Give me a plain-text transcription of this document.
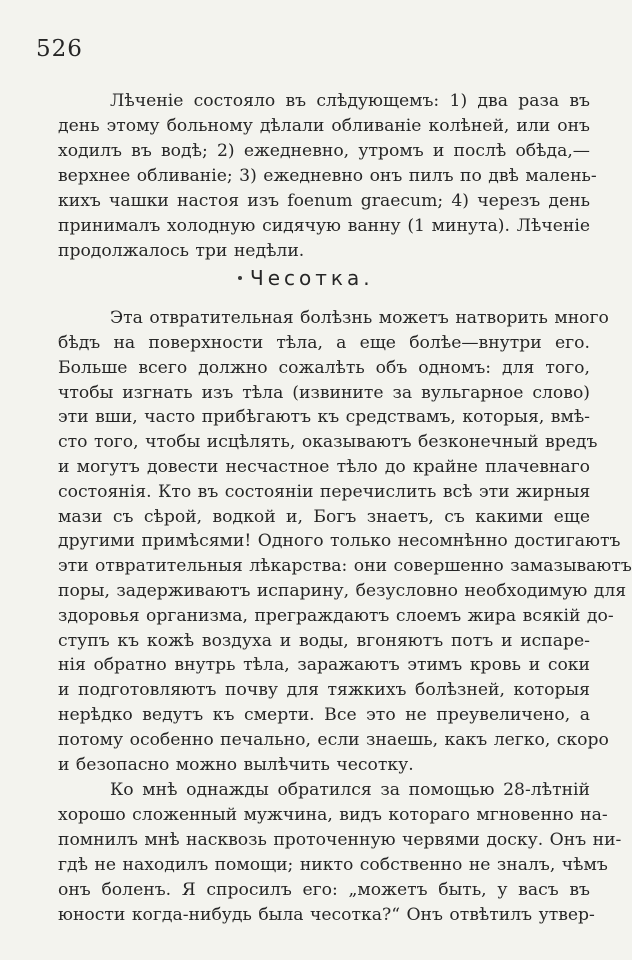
526
Лѣченіе состояло въ слѣдующемъ: 1) два раза въ
день этому больному дѣлали обливаніе колѣней, или онъ
ходилъ въ водѣ; 2) ежедневно, утромъ и послѣ обѣда,—
верхнее обливаніе; 3) ежедневно онъ пилъ по двѣ малень-
кихъ чашки настоя изъ foenum graecum; 4) черезъ день
принималъ холодную сидячую ванну (1 минута). Лѣченіе
продолжалось три недѣли.
Чесотка.
Эта отвратительная болѣзнь можетъ натворить много
бѣдъ на поверхности тѣла, а еще болѣе—внутри его.
Больше всего должно сожалѣть объ одномъ: для того,
чтобы изгнать изъ тѣла (извините за вульгарное слово)
эти вши, часто прибѣгаютъ къ средствамъ, которыя, вмѣ-
сто того, чтобы исцѣлять, оказываютъ безконечный вредъ
и могутъ довести несчастное тѣло до крайне плачевнаго
состоянія. Кто въ состояніи перечислить всѣ эти жирныя
мази съ сѣрой, водкой и, Богъ знаетъ, съ какими еще
другими примѣсями! Одного только несомнѣнно достигаютъ
эти отвратительныя лѣкарства: они совершенно замазываютъ
поры, задерживаютъ испарину, безусловно необходимую для
здоровья организма, преграждаютъ слоемъ жира всякій до-
ступъ къ кожѣ воздуха и воды, вгоняютъ потъ и испаре-
нія обратно внутрь тѣла, заражаютъ этимъ кровь и соки
и подготовляютъ почву для тяжкихъ болѣзней, которыя
нерѣдко ведутъ къ смерти. Все это не преувеличено, а
потому особенно печально, если знаешь, какъ легко, скоро
и безопасно можно вылѣчить чесотку.
Ко мнѣ однажды обратился за помощью 28-лѣтній
хорошо сложенный мужчина, видъ котораго мгновенно на-
помнилъ мнѣ насквозь проточенную червями доску. Онъ ни-
гдѣ не находилъ помощи; никто собственно не зналъ, чѣмъ
онъ боленъ. Я спросилъ его: „можетъ быть, у васъ въ
юности когда-нибудь была чесотка?“ Онъ отвѣтилъ утвер-
